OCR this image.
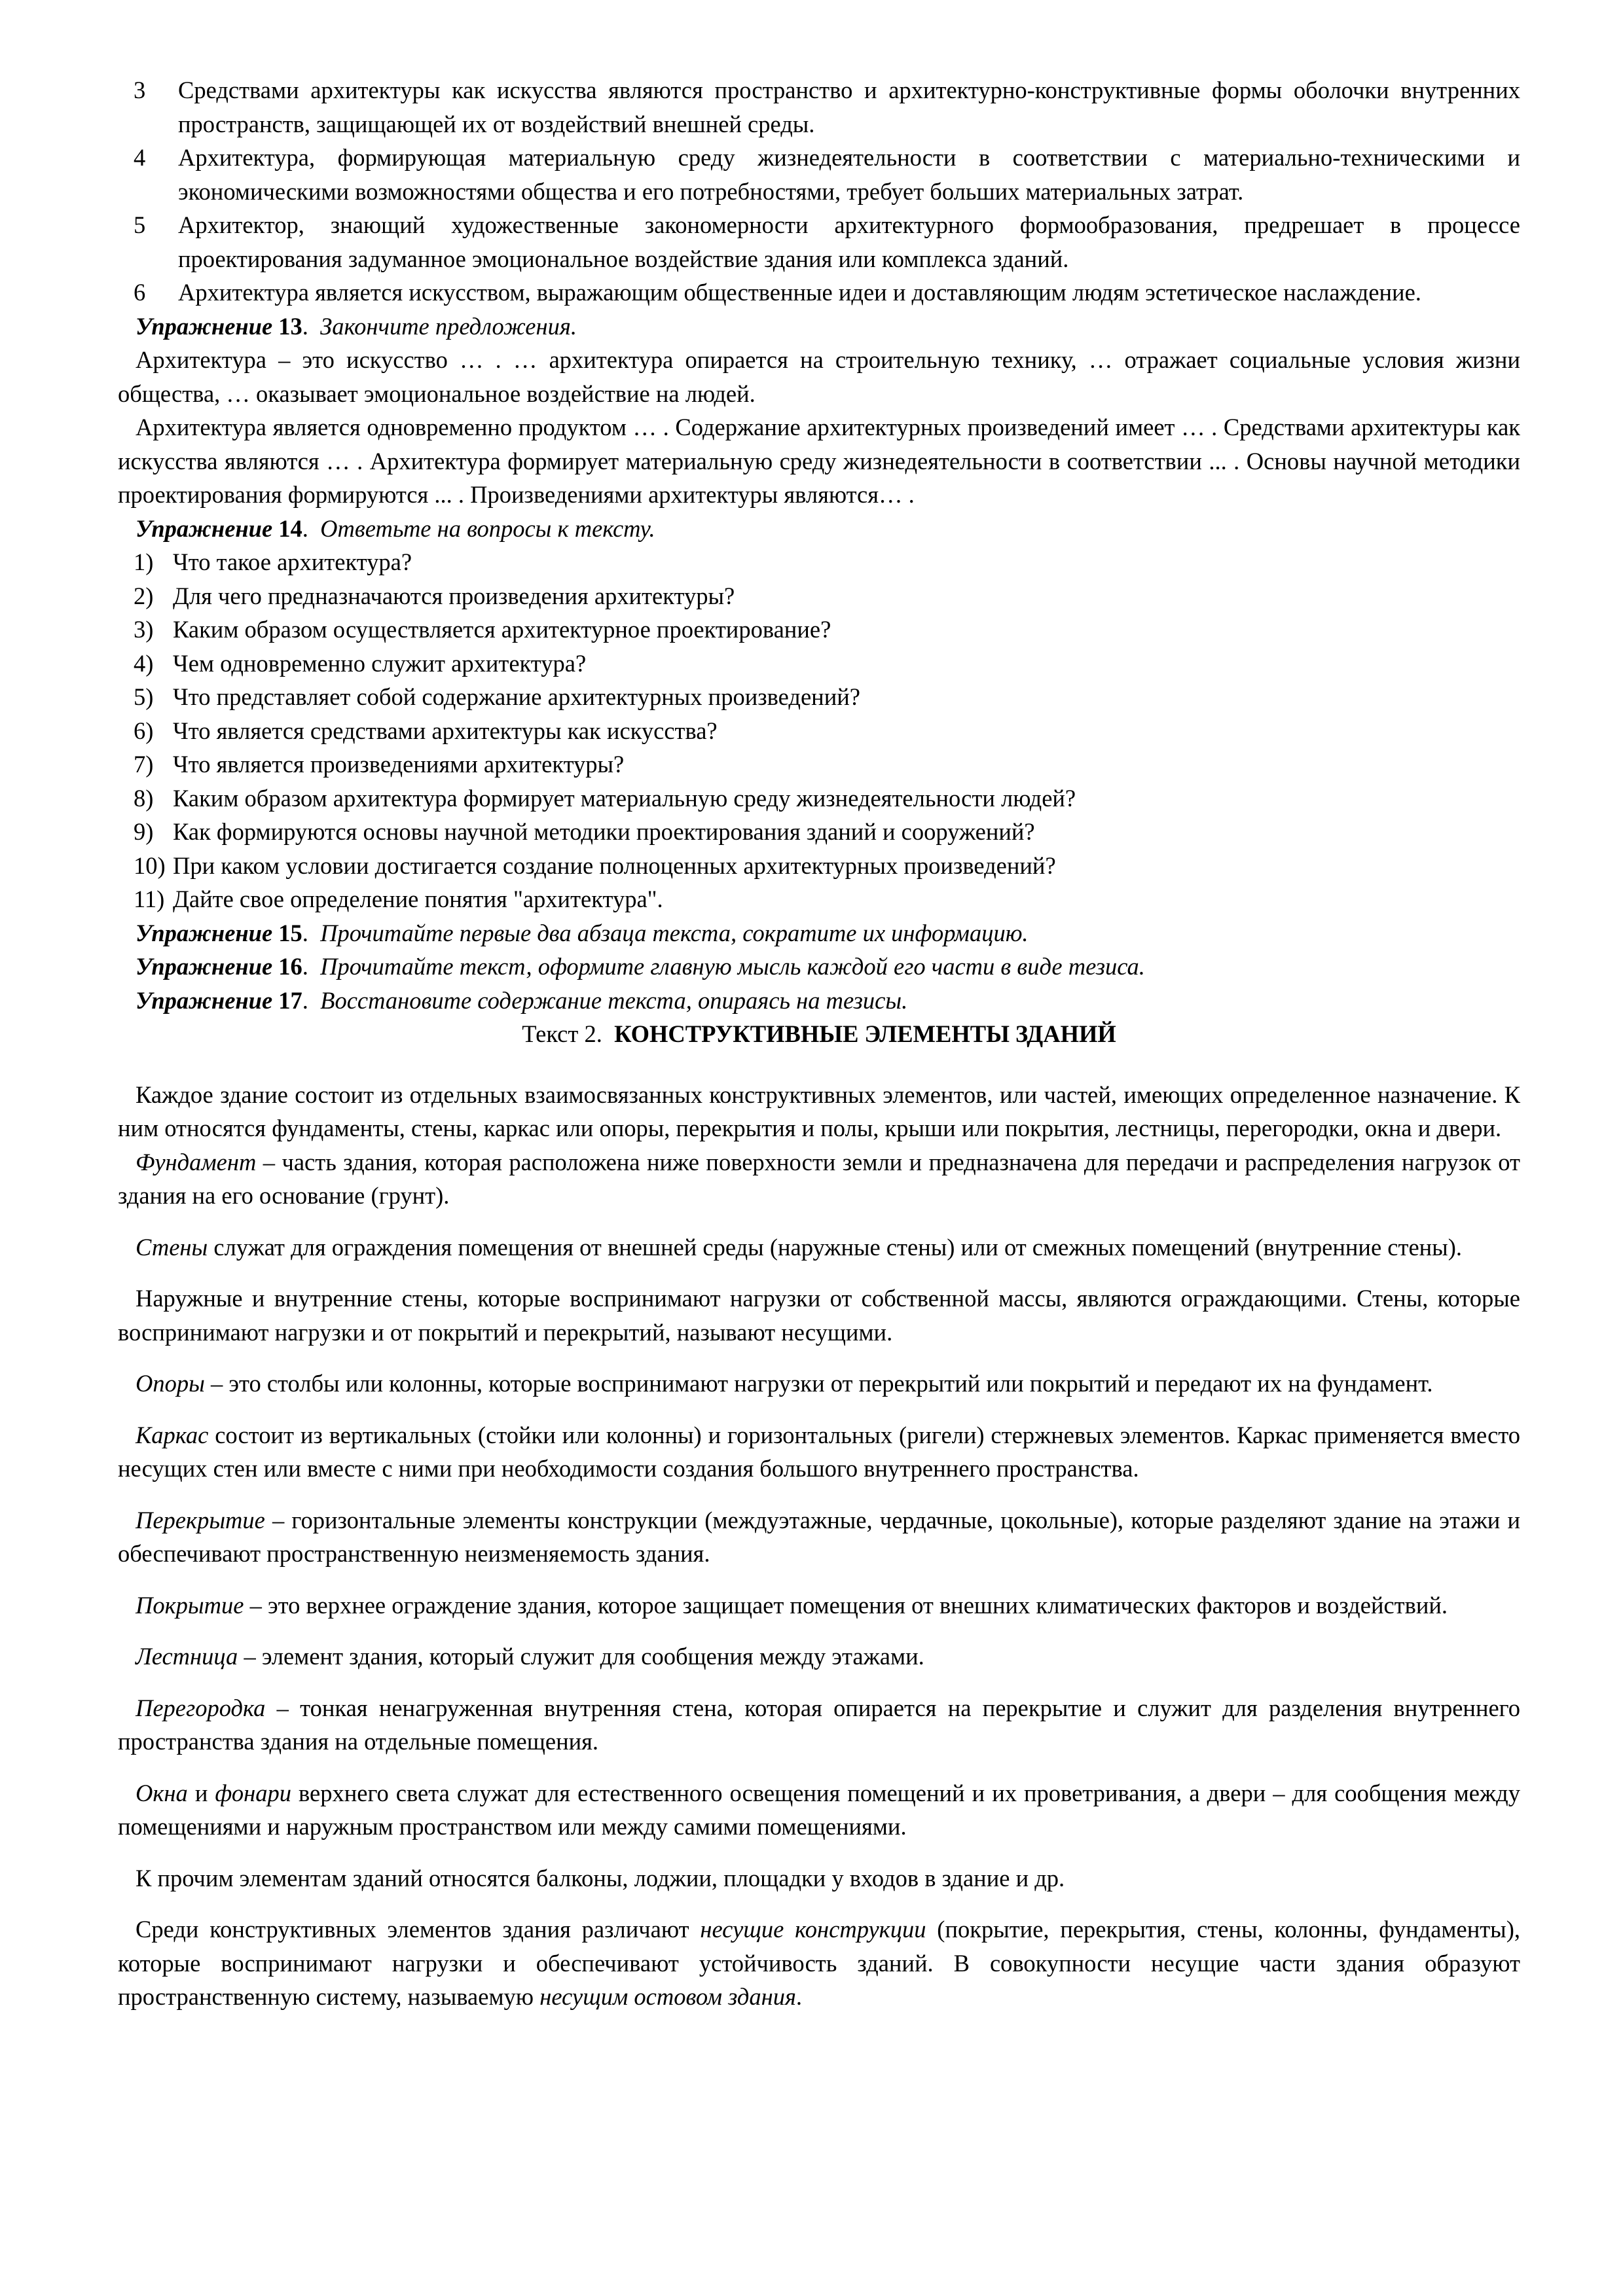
3	Средствами архитектуры как искусства являются пространство и архитектурно-конструктивные формы оболочки внутренних пространств, защищающей их от воздействий внешней среды.

4	Архитектура, формирующая материальную среду жизнедеятельности в соответствии с материально-техническими и экономическими возможностями общества и его потребностями, требует больших материальных затрат.

5	Архитектор, знающий художественные закономерности архитектурного формообразования, предрешает в процессе проектирования задуманное эмоциональное воздействие здания или комплекса зданий.

6	Архитектура является искусством, выражающим общественные идеи и доставляющим людям эстетическое наслаждение.

Упражнение 13.  Закончите предложения.

Архитектура – это искусство … . … архитектура опирается на строительную технику, … отражает социальные условия жизни общества, … оказывает эмоциональное воздействие на людей.

Архитектура является одновременно продуктом … . Содержание архитектурных произведений имеет … . Средствами архитектуры как искусства являются … . Архитектура формирует материальную среду жизнедеятельности в соответствии ... . Основы научной методики проектирования формируются ... . Произведениями архитектуры являются… .

Упражнение 14.  Ответьте на вопросы к тексту.

1) Что такое архитектура?

2) Для чего предназначаются произведения архитектуры?

3) Каким образом осуществляется архитектурное проектирование?

4) Чем одновременно служит архитектура?

5) Что представляет собой содержание архитектурных произведений?

6) Что является средствами архитектуры как искусства?

7) Что является произведениями архитектуры?

8) Каким образом архитектура формирует материальную среду жизнедеятельности людей?

9) Как формируются основы научной методики проектирования зданий и сооружений?

10) При каком условии достигается создание полноценных архитектурных произведений?

11) Дайте свое определение понятия "архитектура".

Упражнение 15.  Прочитайте первые два абзаца текста, сократите их информацию.

Упражнение 16.  Прочитайте текст, оформите главную мысль каждой его части в виде тезиса.

Упражнение 17.  Восстановите содержание текста, опираясь на тезисы.

Текст 2. КОНСТРУКТИВНЫЕ ЭЛЕМЕНТЫ ЗДАНИЙ

Каждое здание состоит из отдельных взаимосвязанных конструктивных элементов, или частей, имеющих определенное назначение. К ним относятся фундаменты, стены, каркас или опоры, перекрытия и полы, крыши или покрытия, лестницы, перегородки, окна и двери.

Фундамент – часть здания, которая расположена ниже поверхности земли и предназначена для передачи и распределения нагрузок от здания на его основание (грунт).

Стены служат для ограждения помещения от внешней среды (наружные стены) или от смежных помещений (внутренние стены).

Наружные и внутренние стены, которые воспринимают нагрузки от собственной массы, являются ограждающими. Стены, которые воспринимают нагрузки и от покрытий и перекрытий, называют несущими.

Опоры – это столбы или колонны, которые воспринимают нагрузки от перекрытий или покрытий и передают их на фундамент.

Каркас состоит из вертикальных (стойки или колонны) и горизонтальных (ригели) стержневых элементов. Каркас применяется вместо несущих стен или вместе с ними при необходимости создания большого внутреннего пространства.

Перекрытие – горизонтальные элементы конструкции (междуэтажные, чердачные, цокольные), которые разделяют здание на этажи и обеспечивают пространственную неизменяемость здания.

Покрытие – это верхнее ограждение здания, которое защищает помещения от внешних климатических факторов и воздействий.

Лестница – элемент здания, который служит для сообщения между этажами.

Перегородка – тонкая ненагруженная внутренняя стена, которая опирается на перекрытие и служит для разделения внутреннего пространства здания на отдельные помещения.

Окна и фонари верхнего света служат для естественного освещения помещений и их проветривания, а двери – для сообщения между помещениями и наружным пространством или между самими помещениями.

К прочим элементам зданий относятся балконы, лоджии, площадки у входов в здание и др.

Среди конструктивных элементов здания различают несущие конструкции (покрытие, перекрытия, стены, колонны, фундаменты), которые воспринимают нагрузки и обеспечивают устойчивость зданий. В совокупности несущие части здания образуют пространственную систему, называемую несущим остовом здания.
